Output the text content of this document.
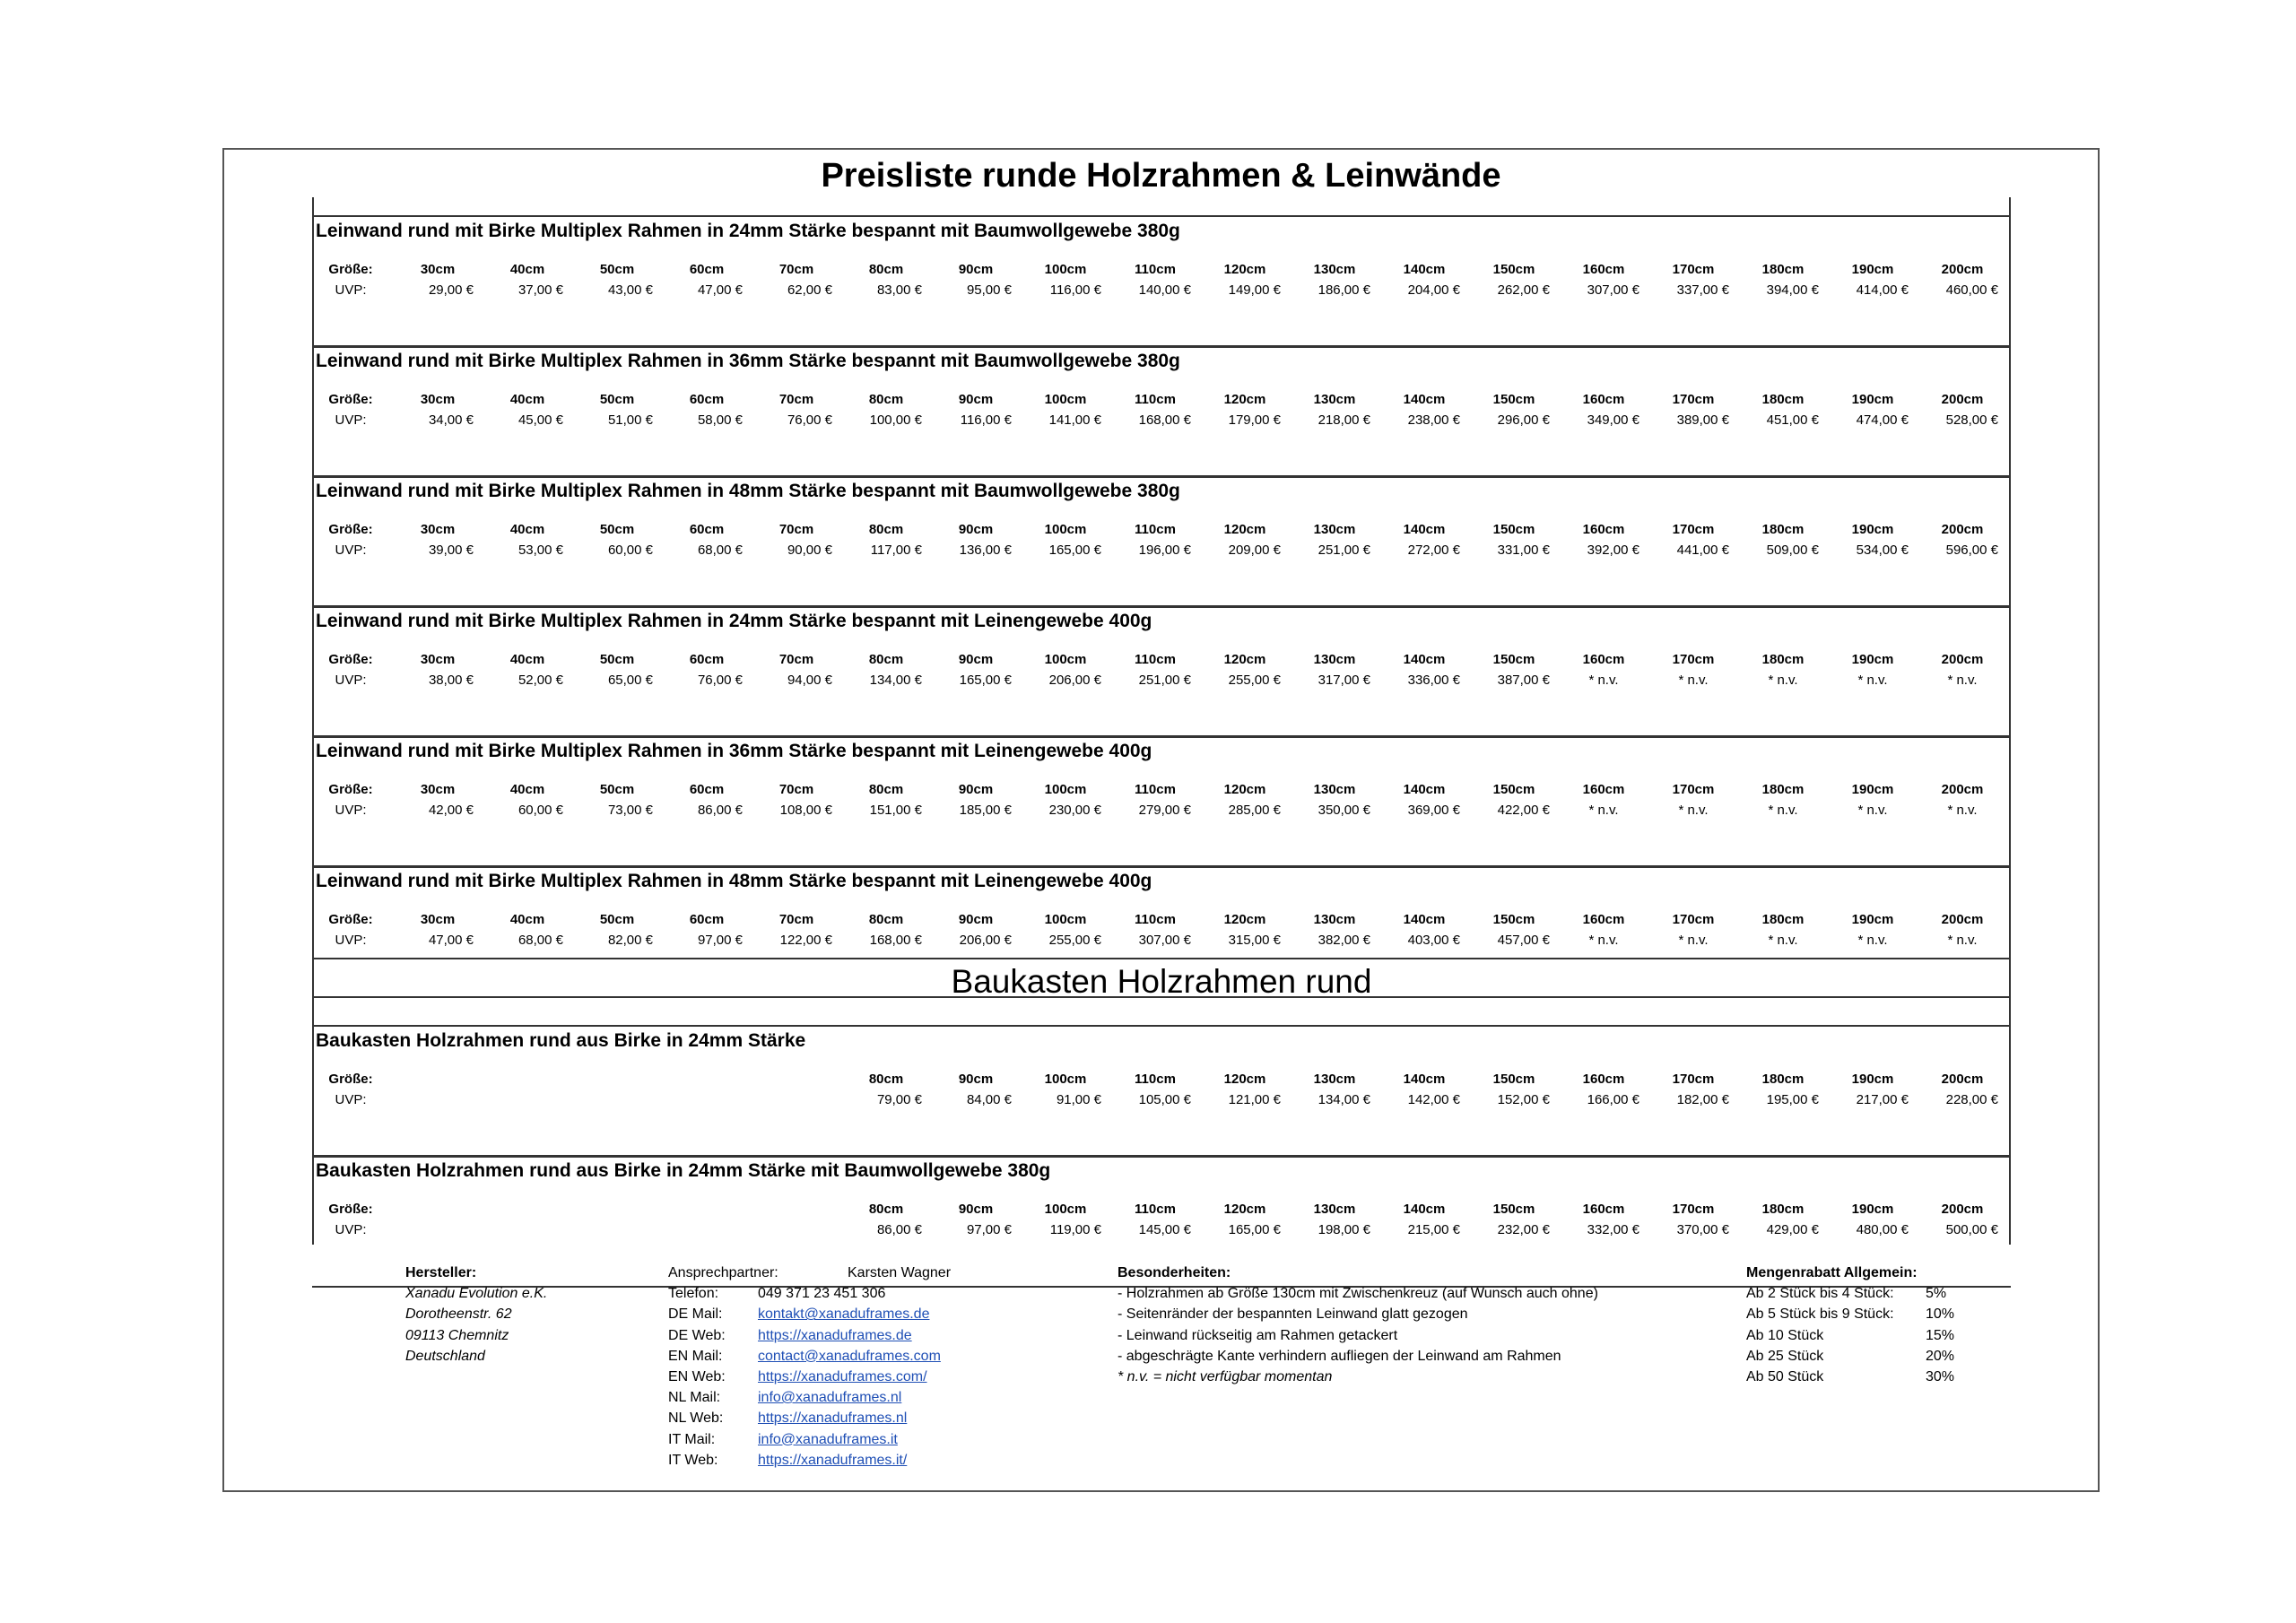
Preisliste runde Holzrahmen & Leinwände
Leinwand rund mit Birke Multiplex Rahmen in 24mm Stärke bespannt mit Baumwollgewebe 380g
Größe:	30cm	40cm	50cm	60cm	70cm	80cm	90cm	100cm	110cm	120cm	130cm	140cm	150cm	160cm	170cm	180cm	190cm	200cm
UVP:	29,00 €	37,00 €	43,00 €	47,00 €	62,00 €	83,00 €	95,00 €	116,00 €	140,00 €	149,00 €	186,00 €	204,00 €	262,00 €	307,00 €	337,00 €	394,00 €	414,00 €	460,00 €
Leinwand rund mit Birke Multiplex Rahmen in 36mm Stärke bespannt mit Baumwollgewebe 380g
Größe:	30cm	40cm	50cm	60cm	70cm	80cm	90cm	100cm	110cm	120cm	130cm	140cm	150cm	160cm	170cm	180cm	190cm	200cm
UVP:	34,00 €	45,00 €	51,00 €	58,00 €	76,00 €	100,00 €	116,00 €	141,00 €	168,00 €	179,00 €	218,00 €	238,00 €	296,00 €	349,00 €	389,00 €	451,00 €	474,00 €	528,00 €
Leinwand rund mit Birke Multiplex Rahmen in 48mm Stärke bespannt mit Baumwollgewebe 380g
Größe:	30cm	40cm	50cm	60cm	70cm	80cm	90cm	100cm	110cm	120cm	130cm	140cm	150cm	160cm	170cm	180cm	190cm	200cm
UVP:	39,00 €	53,00 €	60,00 €	68,00 €	90,00 €	117,00 €	136,00 €	165,00 €	196,00 €	209,00 €	251,00 €	272,00 €	331,00 €	392,00 €	441,00 €	509,00 €	534,00 €	596,00 €
Leinwand rund mit Birke Multiplex Rahmen in 24mm Stärke bespannt mit Leinengewebe 400g
Größe:	30cm	40cm	50cm	60cm	70cm	80cm	90cm	100cm	110cm	120cm	130cm	140cm	150cm	160cm	170cm	180cm	190cm	200cm
UVP:	38,00 €	52,00 €	65,00 €	76,00 €	94,00 €	134,00 €	165,00 €	206,00 €	251,00 €	255,00 €	317,00 €	336,00 €	387,00 €	* n.v.	* n.v.	* n.v.	* n.v.	* n.v.
Leinwand rund mit Birke Multiplex Rahmen in 36mm Stärke bespannt mit Leinengewebe 400g
Größe:	30cm	40cm	50cm	60cm	70cm	80cm	90cm	100cm	110cm	120cm	130cm	140cm	150cm	160cm	170cm	180cm	190cm	200cm
UVP:	42,00 €	60,00 €	73,00 €	86,00 €	108,00 €	151,00 €	185,00 €	230,00 €	279,00 €	285,00 €	350,00 €	369,00 €	422,00 €	* n.v.	* n.v.	* n.v.	* n.v.	* n.v.
Leinwand rund mit Birke Multiplex Rahmen in 48mm Stärke bespannt mit Leinengewebe 400g
Größe:	30cm	40cm	50cm	60cm	70cm	80cm	90cm	100cm	110cm	120cm	130cm	140cm	150cm	160cm	170cm	180cm	190cm	200cm
UVP:	47,00 €	68,00 €	82,00 €	97,00 €	122,00 €	168,00 €	206,00 €	255,00 €	307,00 €	315,00 €	382,00 €	403,00 €	457,00 €	* n.v.	* n.v.	* n.v.	* n.v.	* n.v.
Baukasten Holzrahmen rund aus Birke in 24mm Stärke
Größe:	80cm	90cm	100cm	110cm	120cm	130cm	140cm	150cm	160cm	170cm	180cm	190cm	200cm
UVP:	79,00 €	84,00 €	91,00 €	105,00 €	121,00 €	134,00 €	142,00 €	152,00 €	166,00 €	182,00 €	195,00 €	217,00 €	228,00 €
Baukasten Holzrahmen rund aus Birke in 24mm Stärke mit Baumwollgewebe 380g
Größe:	80cm	90cm	100cm	110cm	120cm	130cm	140cm	150cm	160cm	170cm	180cm	190cm	200cm
UVP:	86,00 €	97,00 €	119,00 €	145,00 €	165,00 €	198,00 €	215,00 €	232,00 €	332,00 €	370,00 €	429,00 €	480,00 €	500,00 €
Baukasten Holzrahmen rund
Hersteller:
Xanadu Evolution e.K.
Dorotheenstr. 62
09113 Chemnitz
Deutschland
Ansprechpartner:	Karsten Wagner
Telefon:	049 371 23 451 306
DE Mail: kontakt@xanaduframes.de
DE Web: https://xanaduframes.de
EN Mail: contact@xanaduframes.com
EN Web: https://xanaduframes.com/
NL Mail:	info@xanaduframes.nl
NL Web: https://xanaduframes.nl
IT Mail:	info@xanaduframes.it
IT Web:	https://xanaduframes.it/
Besonderheiten:
- Holzrahmen ab Größe 130cm mit Zwischenkreuz (auf Wunsch auch ohne)
- Seitenränder der bespannten Leinwand glatt gezogen
- Leinwand rückseitig am Rahmen getackert
- abgeschrägte Kante verhindern aufliegen der Leinwand am Rahmen
* n.v. = nicht verfügbar momentan
Mengenrabatt Allgemein:
Ab 2 Stück bis 4 Stück: 5%
Ab 5 Stück bis 9 Stück: 10%
Ab 10 Stück	15%
Ab 25 Stück	20%
Ab 50 Stück	30%
